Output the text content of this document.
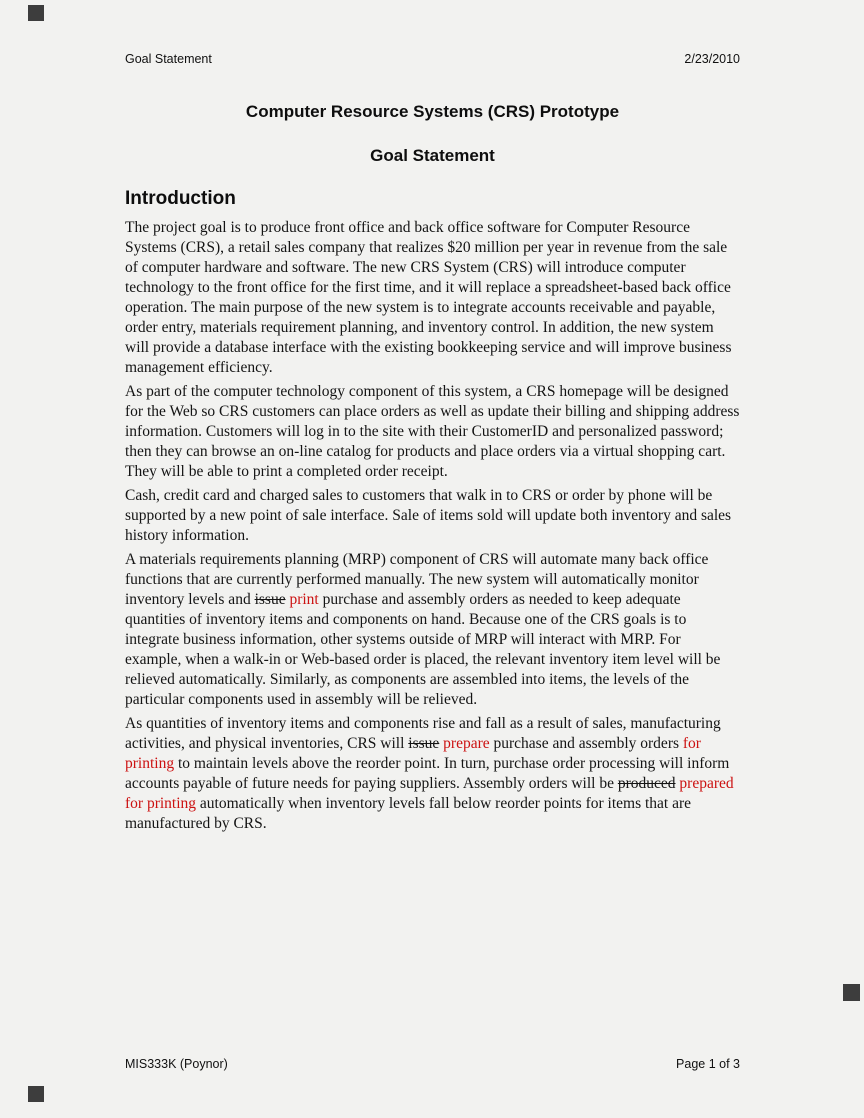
Goal Statement	2/23/2010
Computer Resource Systems (CRS) Prototype
Goal Statement
Introduction

The project goal is to produce front office and back office software for Computer Resource Systems (CRS), a retail sales company that realizes $20 million per year in revenue from the sale of computer hardware and software. The new CRS System (CRS) will introduce computer technology to the front office for the first time, and it will replace a spreadsheet-based back office operation. The main purpose of the new system is to integrate accounts receivable and payable, order entry, materials requirement planning, and inventory control. In addition, the new system will provide a database interface with the existing bookkeeping service and will improve business management efficiency.

As part of the computer technology component of this system, a CRS homepage will be designed for the Web so CRS customers can place orders as well as update their billing and shipping address information. Customers will log in to the site with their CustomerID and personalized password; then they can browse an on-line catalog for products and place orders via a virtual shopping cart. They will be able to print a completed order receipt.

Cash, credit card and charged sales to customers that walk in to CRS or order by phone will be supported by a new point of sale interface. Sale of items sold will update both inventory and sales history information.

A materials requirements planning (MRP) component of CRS will automate many back office functions that are currently performed manually. The new system will automatically monitor inventory levels and issue print purchase and assembly orders as needed to keep adequate quantities of inventory items and components on hand. Because one of the CRS goals is to integrate business information, other systems outside of MRP will interact with MRP. For example, when a walk-in or Web-based order is placed, the relevant inventory item level will be relieved automatically. Similarly, as components are assembled into items, the levels of the particular components used in assembly will be relieved.

As quantities of inventory items and components rise and fall as a result of sales, manufacturing activities, and physical inventories, CRS will issue prepare purchase and assembly orders for printing to maintain levels above the reorder point. In turn, purchase order processing will inform accounts payable of future needs for paying suppliers. Assembly orders will be produced prepared for printing automatically when inventory levels fall below reorder points for items that are manufactured by CRS.

MIS333K (Poynor)	Page 1 of 3
